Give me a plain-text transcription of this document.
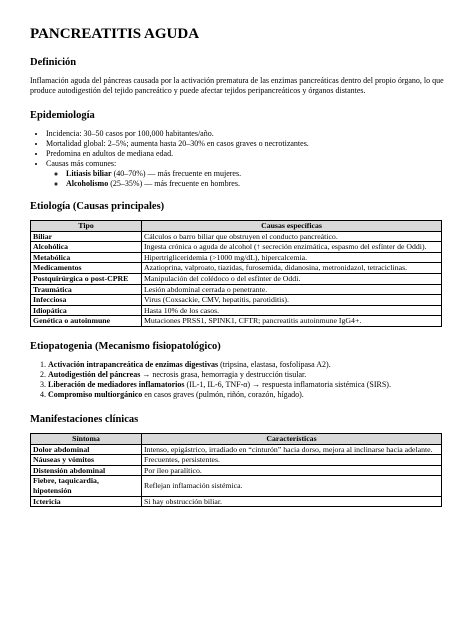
PANCREATITIS AGUDA
Definición

Inflamación aguda del páncreas causada por la activación prematura de las enzimas pancreáticas dentro del propio órgano, lo que produce autodigestión del tejido pancreático y puede afectar tejidos peripancreáticos y órganos distantes.

Epidemiología
• Incidencia: 30–50 casos por 100,000 habitantes/año.
• Mortalidad global: 2–5%; aumenta hasta 20–30% en casos graves o necrotizantes.
• Predomina en adultos de mediana edad.
• Causas más comunes:
◦ Litiasis biliar (40–70%) — más frecuente en mujeres.
◦ Alcoholismo (25–35%) — más frecuente en hombres.
Etiología (Causas principales)
Tipo	Causas específicas
Biliar	Cálculos o barro biliar que obstruyen el conducto pancreático.
Alcohólica	Ingesta crónica o aguda de alcohol (↑ secreción enzimática, espasmo del esfínter de Oddi).
Metabólica	Hipertrigliceridemia (>1000 mg/dL), hipercalcemia.
Medicamentos	Azatioprina, valproato, tiazidas, furosemida, didanosina, metronidazol, tetraciclinas.
Postquirúrgica o post-CPRE	Manipulación del colédoco o del esfínter de Oddi.
Traumática	Lesión abdominal cerrada o penetrante.
Infecciosa	Virus (Coxsackie, CMV, hepatitis, parotiditis).
Idiopática	Hasta 10% de los casos.
Genética o autoinmune	Mutaciones PRSS1, SPINK1, CFTR; pancreatitis autoinmune IgG4+.
Etiopatogenia (Mecanismo fisiopatológico)
1. Activación intrapancreática de enzimas digestivas (tripsina, elastasa, fosfolipasa A2).
2. Autodigestión del páncreas → necrosis grasa, hemorragia y destrucción tisular.
3. Liberación de mediadores inflamatorios (IL-1, IL-6, TNF-α) → respuesta inflamatoria sistémica (SIRS).
4. Compromiso multiorgánico en casos graves (pulmón, riñón, corazón, hígado).
Manifestaciones clínicas
Síntoma	Características
Dolor abdominal	Intenso, epigástrico, irradiado en “cinturón” hacia dorso, mejora al inclinarse hacia adelante.
Náuseas y vómitos	Frecuentes, persistentes.
Distensión abdominal	Por íleo paralítico.
Fiebre, taquicardia, hipotensión	Reflejan inflamación sistémica.
Ictericia	Si hay obstrucción biliar.
